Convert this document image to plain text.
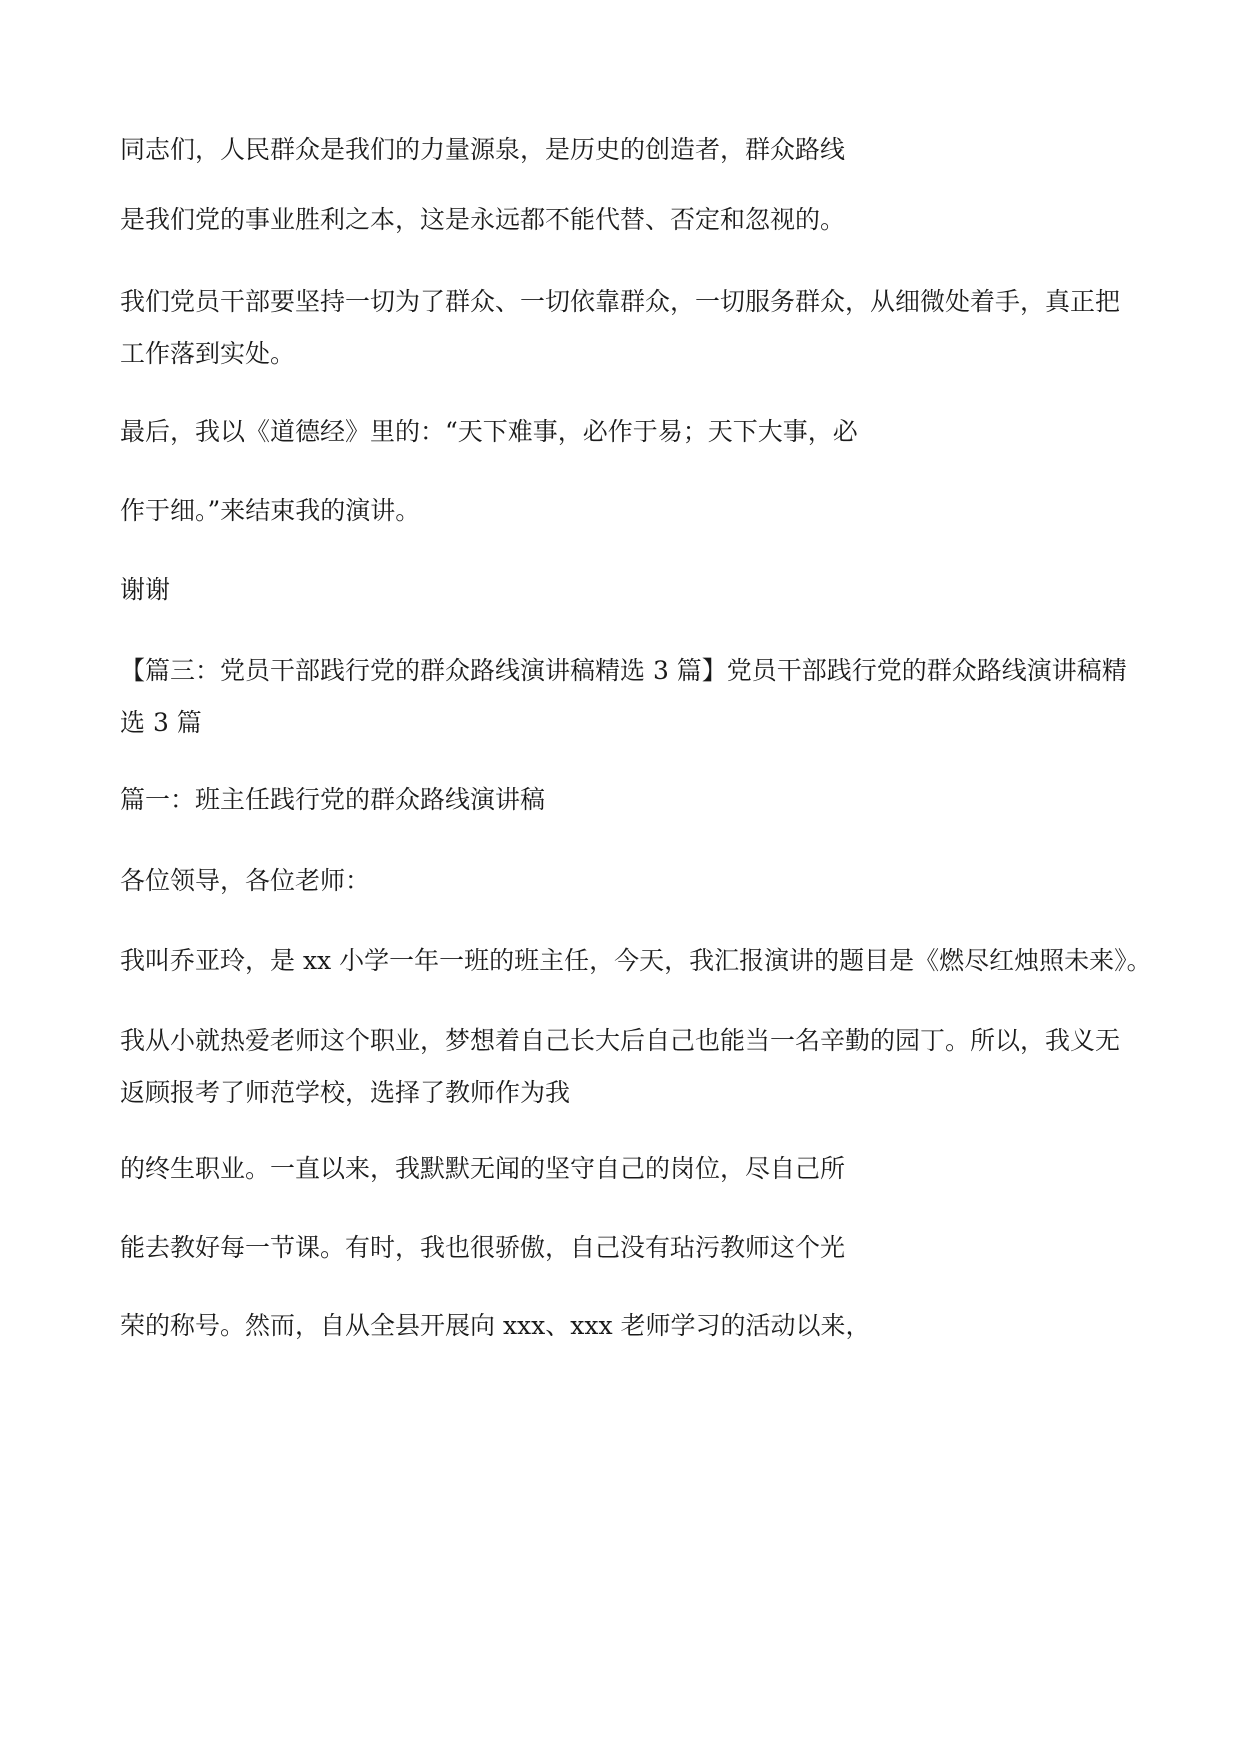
同志们，人民群众是我们的力量源泉，是历史的创造者，群众路线

是我们党的事业胜利之本，这是永远都不能代替、否定和忽视的。

我们党员干部要坚持一切为了群众、一切依靠群众，一切服务群众，从细微处着手，真正把
工作落到实处。

最后，我以《道德经》里的：“天下难事，必作于易；天下大事，必

作于细。”来结束我的演讲。

谢谢

【篇三：党员干部践行党的群众路线演讲稿精选 3 篇】党员干部践行党的群众路线演讲稿精
选 3 篇

篇一：班主任践行党的群众路线演讲稿

各位领导，各位老师：

我叫乔亚玲，是 xx 小学一年一班的班主任，今天，我汇报演讲的题目是《燃尽红烛照未来》。

我从小就热爱老师这个职业，梦想着自己长大后自己也能当一名辛勤的园丁。所以，我义无
返顾报考了师范学校，选择了教师作为我

的终生职业。一直以来，我默默无闻的坚守自己的岗位，尽自己所

能去教好每一节课。有时，我也很骄傲，自己没有玷污教师这个光

荣的称号。然而，自从全县开展向 xxx、xxx 老师学习的活动以来，
